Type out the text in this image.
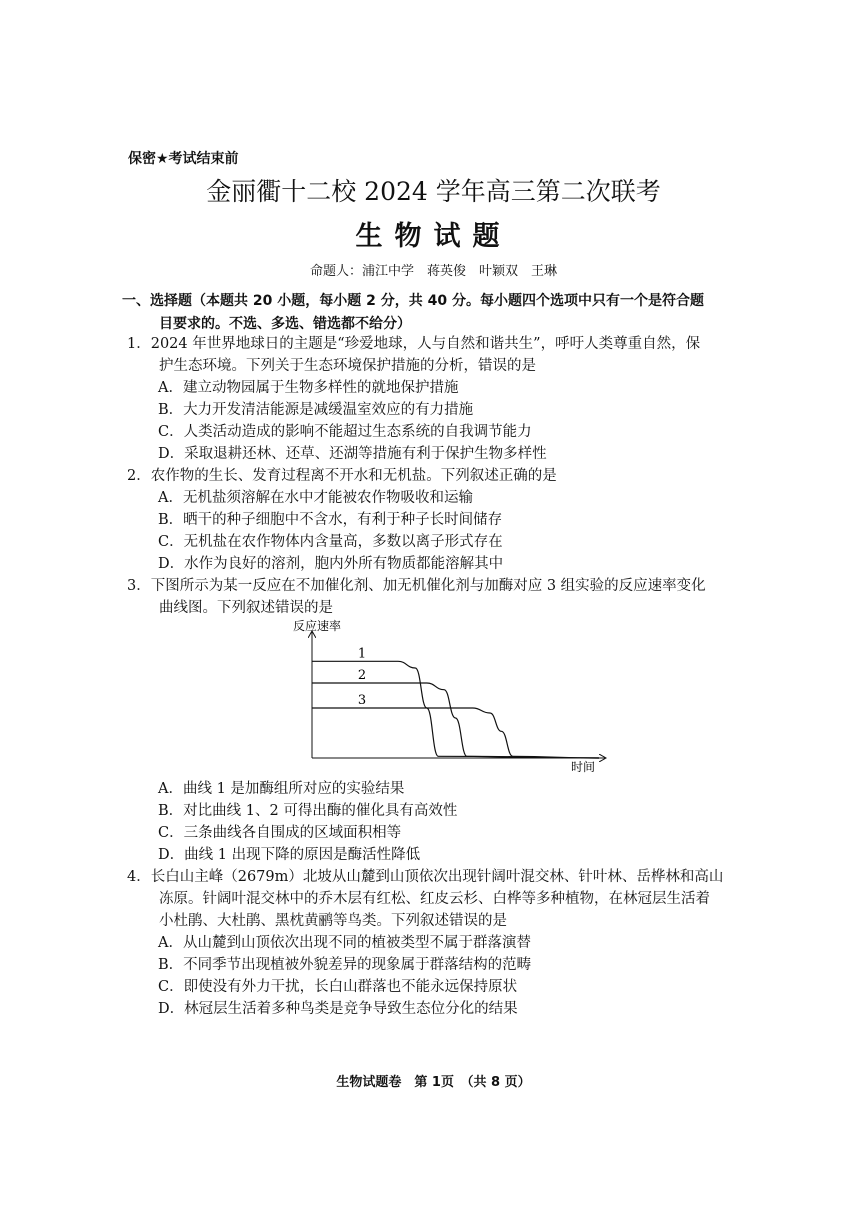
保密★考试结束前
金丽衢十二校 2024 学年高三第二次联考
生物试题
命题人：浦江中学　蒋英俊　叶颖双　王琳
一、选择题（本题共 20 小题，每小题 2 分，共 40 分。每小题四个选项中只有一个是符合题
目要求的。不选、多选、错选都不给分）
1．2024 年世界地球日的主题是“珍爱地球，人与自然和谐共生”，呼吁人类尊重自然，保
护生态环境。下列关于生态环境保护措施的分析，错误的是
A．建立动物园属于生物多样性的就地保护措施
B．大力开发清洁能源是减缓温室效应的有力措施
C．人类活动造成的影响不能超过生态系统的自我调节能力
D．采取退耕还林、还草、还湖等措施有利于保护生物多样性
2．农作物的生长、发育过程离不开水和无机盐。下列叙述正确的是
A．无机盐须溶解在水中才能被农作物吸收和运输
B．晒干的种子细胞中不含水，有利于种子长时间储存
C．无机盐在农作物体内含量高，多数以离子形式存在
D．水作为良好的溶剂，胞内外所有物质都能溶解其中
3．下图所示为某一反应在不加催化剂、加无机催化剂与加酶对应 3 组实验的反应速率变化
曲线图。下列叙述错误的是
反应速率
时间
1
2
3
A．曲线 1 是加酶组所对应的实验结果
B．对比曲线 1、2 可得出酶的催化具有高效性
C．三条曲线各自围成的区域面积相等
D．曲线 1 出现下降的原因是酶活性降低
4．长白山主峰（2679m）北坡从山麓到山顶依次出现针阔叶混交林、针叶林、岳桦林和高山
冻原。针阔叶混交林中的乔木层有红松、红皮云杉、白桦等多种植物，在林冠层生活着
小杜鹃、大杜鹃、黑枕黄鹂等鸟类。下列叙述错误的是
A．从山麓到山顶依次出现不同的植被类型不属于群落演替
B．不同季节出现植被外貌差异的现象属于群落结构的范畴
C．即使没有外力干扰，长白山群落也不能永远保持原状
D．林冠层生活着多种鸟类是竞争导致生态位分化的结果
生物试题卷　第 1页　（共 8 页）
